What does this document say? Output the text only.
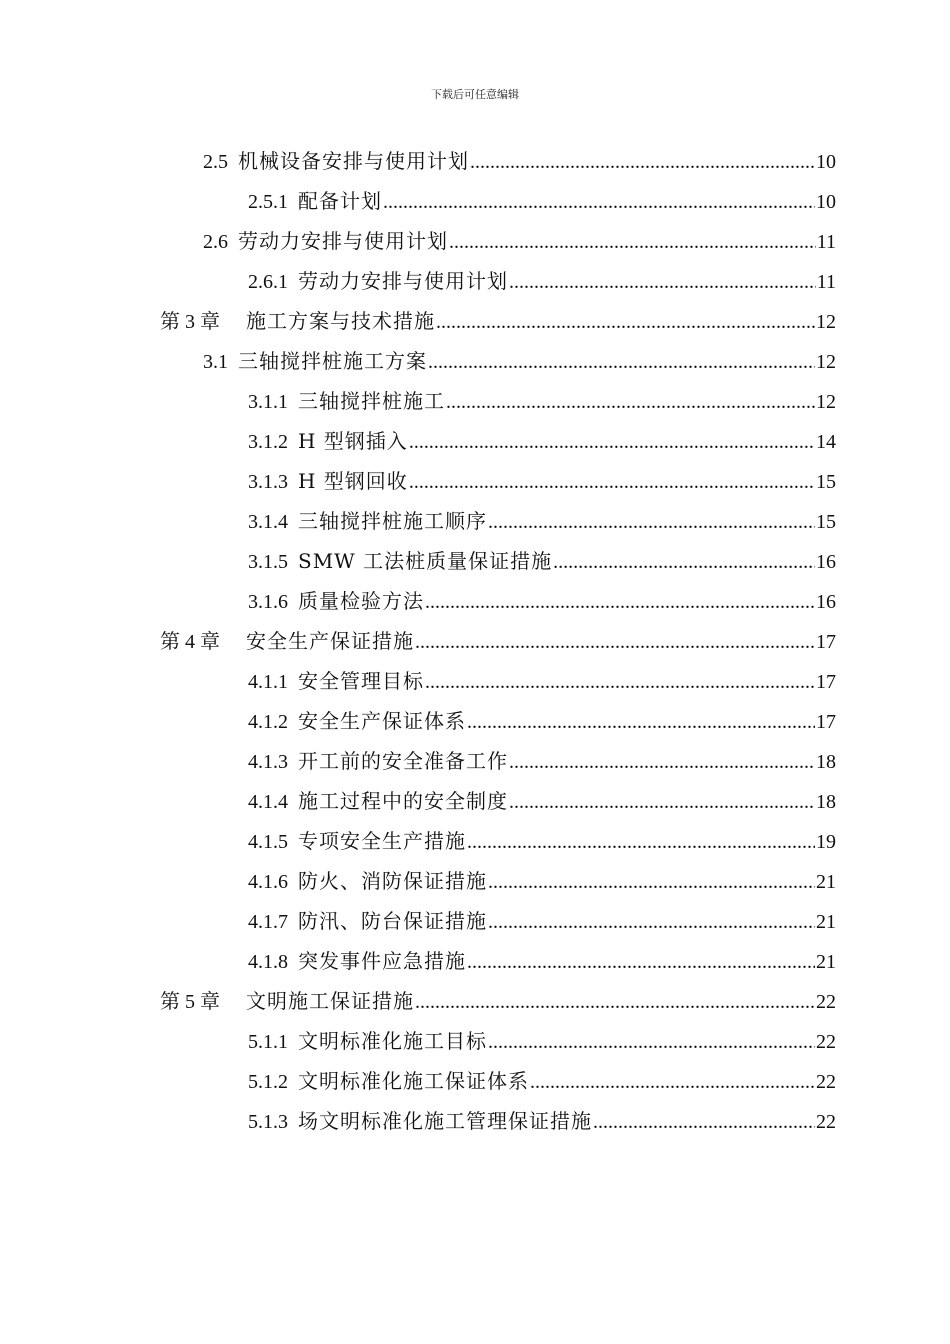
下载后可任意编辑
2.5 机械设备安排与使用计划 .....	10
2.5.1 配备计划 .....	10
2.6 劳动力安排与使用计划 .....	11
2.6.1 劳动力安排与使用计划 .....	11
第 3 章 施工方案与技术措施 .....	12
3.1 三轴搅拌桩施工方案 .....	12
3.1.1 三轴搅拌桩施工 .....	12
3.1.2 H 型钢插入 .....	14
3.1.3 H 型钢回收 .....	15
3.1.4 三轴搅拌桩施工顺序 .....	15
3.1.5 SMW 工法桩质量保证措施 .....	16
3.1.6 质量检验方法 .....	16
第 4 章 安全生产保证措施 .....	17
4.1.1 安全管理目标 .....	17
4.1.2 安全生产保证体系 .....	17
4.1.3 开工前的安全准备工作 .....	18
4.1.4 施工过程中的安全制度 .....	18
4.1.5 专项安全生产措施 .....	19
4.1.6 防火、消防保证措施 .....	21
4.1.7 防汛、防台保证措施 .....	21
4.1.8 突发事件应急措施 .....	21
第 5 章 文明施工保证措施 .....	22
5.1.1 文明标准化施工目标 .....	22
5.1.2 文明标准化施工保证体系 .....	22
5.1.3 场文明标准化施工管理保证措施 .....	22
